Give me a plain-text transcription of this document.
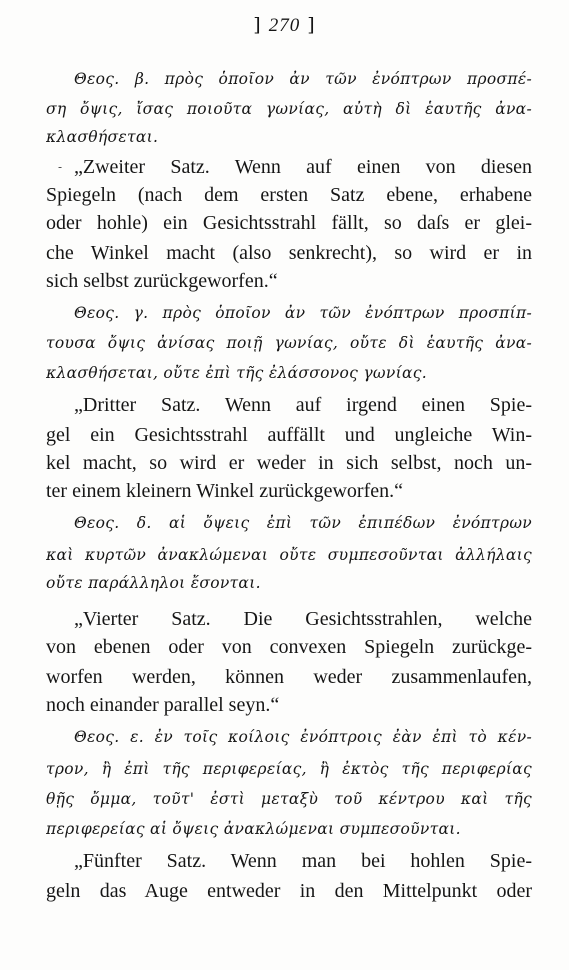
] 270 ]
-
Θεος. β. πρὸς ὁποῖον ἀν τῶν ἐνόπτρων προσπέ-
ση ὄψις, ἴσας ποιοῦτα γωνίας, αὐτὴ δὶ ἑαυτῆς ἀνα-
κλασθήσεται.
„Zweiter Satz. Wenn auf einen von diesen
Spiegeln (nach dem ersten Satz ebene, erhabene
oder hohle) ein Gesichtsstrahl fällt, so daſs er glei-
che Winkel macht (also senkrecht), so wird er in
sich selbst zurückgeworfen.“
Θεος. γ. πρὸς ὁποῖον ἀν τῶν ἐνόπτρων προσπίπ-
τουσα ὄψις ἀνίσας ποιῇ γωνίας, οὔτε δὶ ἑαυτῆς ἀνα-
κλασθήσεται, οὔτε ἐπὶ τῆς ἐλάσσονος γωνίας.
„Dritter Satz. Wenn auf irgend einen Spie-
gel ein Gesichtsstrahl auffällt und ungleiche Win-
kel macht, so wird er weder in sich selbst, noch un-
ter einem kleinern Winkel zurückgeworfen.“
Θεος. δ. αἱ ὄψεις ἐπὶ τῶν ἐπιπέδων ἐνόπτρων
καὶ κυρτῶν ἀνακλώμεναι οὔτε συμπεσοῦνται ἀλλήλαις
οὔτε παράλληλοι ἔσονται.
„Vierter Satz. Die Gesichtsstrahlen, welche
von ebenen oder von convexen Spiegeln zurückge-
worfen werden, können weder zusammenlaufen,
noch einander parallel seyn.“
Θεος. ε. ἐν τοῖς κοίλοις ἐνόπτροις ἐὰν ἐπὶ τὸ κέν-
τρον, ἢ ἐπὶ τῆς περιφερείας, ἢ ἐκτὸς τῆς περιφερίας
θῇς ὄμμα, τοῦτ' ἐστὶ μεταξὺ τοῦ κέντρου καὶ τῆς
περιφερείας αἱ ὄψεις ἀνακλώμεναι συμπεσοῦνται.
„Fünfter Satz. Wenn man bei hohlen Spie-
geln das Auge entweder in den Mittelpunkt oder
